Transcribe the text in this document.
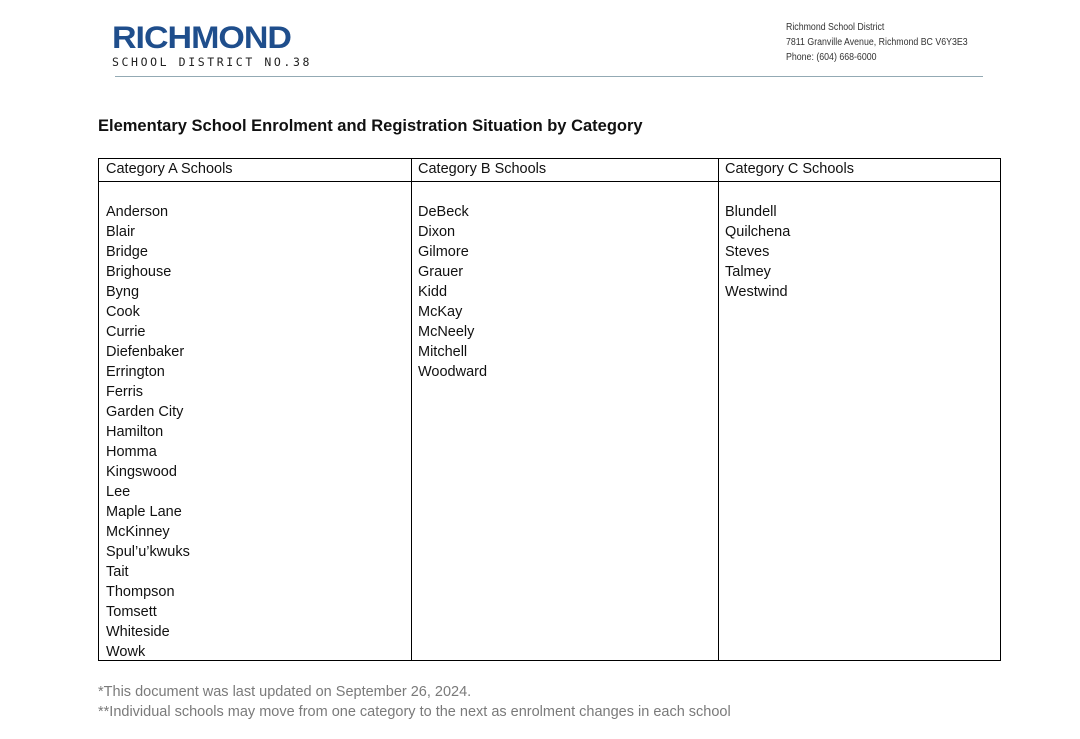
RICHMOND
SCHOOL DISTRICT NO.38
Richmond School District
7811 Granville Avenue, Richmond BC V6Y3E3
Phone: (604) 668-6000
Elementary School Enrolment and Registration Situation by Category
Category A Schools
Anderson
Blair
Bridge
Brighouse
Byng
Cook
Currie
Diefenbaker
Errington
Ferris
Garden City
Hamilton
Homma
Kingswood
Lee
Maple Lane
McKinney
Spul’u’kwuks
Tait
Thompson
Tomsett
Whiteside
Wowk
Category B Schools
DeBeck
Dixon
Gilmore
Grauer
Kidd
McKay
McNeely
Mitchell
Woodward
Category C Schools
Blundell
Quilchena
Steves
Talmey
Westwind
*This document was last updated on September 26, 2024.
**Individual schools may move from one category to the next as enrolment changes in each school
